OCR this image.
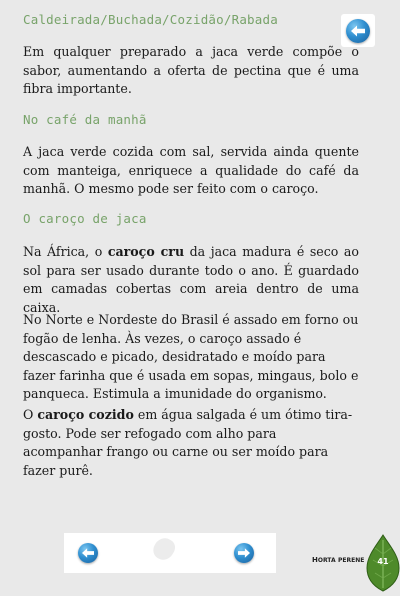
Caldeirada/Buchada/Cozidão/Rabada

Em qualquer preparado a jaca verde compõe o sabor, aumentando a oferta de pectina que é uma fibra importante.

No café da manhã

A jaca verde cozida com sal, servida ainda quente com manteiga, enriquece a qualidade do café da manhã. O mesmo pode ser feito com o caroço.

O caroço de jaca

Na África, o caroço cru da jaca madura é seco ao sol para ser usado durante todo o ano. É guardado em camadas cobertas com areia dentro de uma caixa.

No Norte e Nordeste do Brasil é assado em forno ou fogão de lenha. Às vezes, o caroço assado é descascado e picado, desidratado e moído para fazer farinha que é usada em sopas, mingaus, bolo e panqueca. Estimula a imunidade do organismo.

O caroço cozido em água salgada é um ótimo tira-gosto. Pode ser refogado com alho para acompanhar frango ou carne ou ser moído para fazer purê.

HORTA PERENE	41
